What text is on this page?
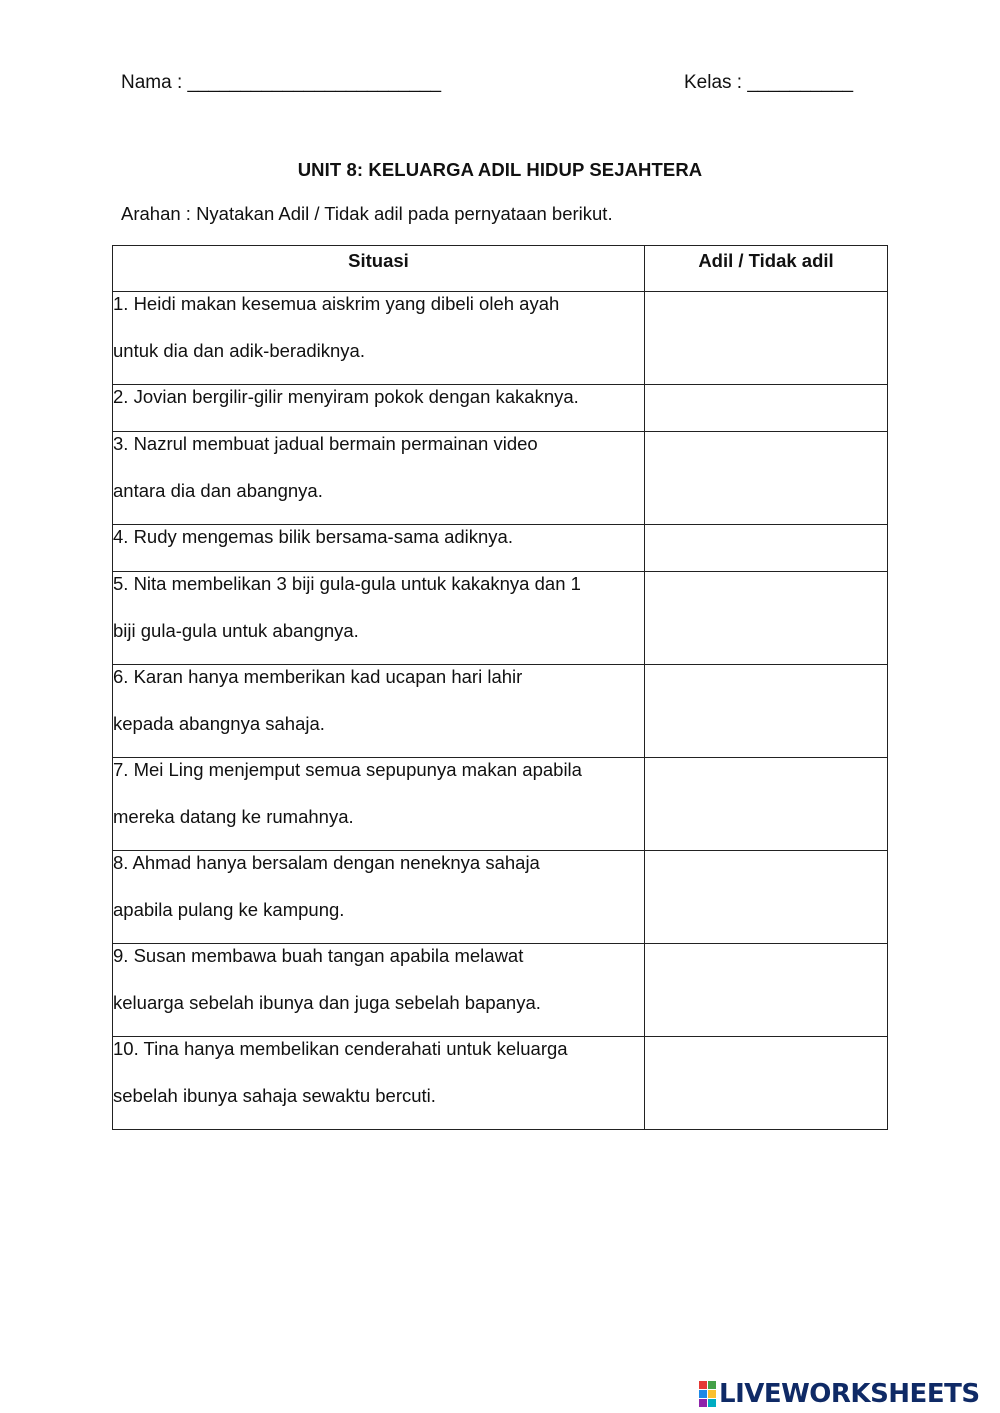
Nama : ________________________	Kelas : __________
UNIT 8: KELUARGA ADIL HIDUP SEJAHTERA
Arahan : Nyatakan Adil / Tidak adil pada pernyataan berikut.
Situasi	Adil / Tidak adil

1. Heidi makan kesemua aiskrim yang dibeli oleh ayah
untuk dia dan adik-beradiknya.	

2. Jovian bergilir-gilir menyiram pokok dengan kakaknya.	

3. Nazrul membuat jadual bermain permainan video
antara dia dan abangnya.	

4. Rudy mengemas bilik bersama-sama adiknya.	

5. Nita membelikan 3 biji gula-gula untuk kakaknya dan 1
biji gula-gula untuk abangnya.	

6. Karan hanya memberikan kad ucapan hari lahir
kepada abangnya sahaja.	

7. Mei Ling menjemput semua sepupunya makan apabila
mereka datang ke rumahnya.	

8. Ahmad hanya bersalam dengan neneknya sahaja
apabila pulang ke kampung.	

9. Susan membawa buah tangan apabila melawat
keluarga sebelah ibunya dan juga sebelah bapanya.	

10. Tina hanya membelikan cenderahati untuk keluarga
sebelah ibunya sahaja sewaktu bercuti.	

LIVEWORKSHEETS
